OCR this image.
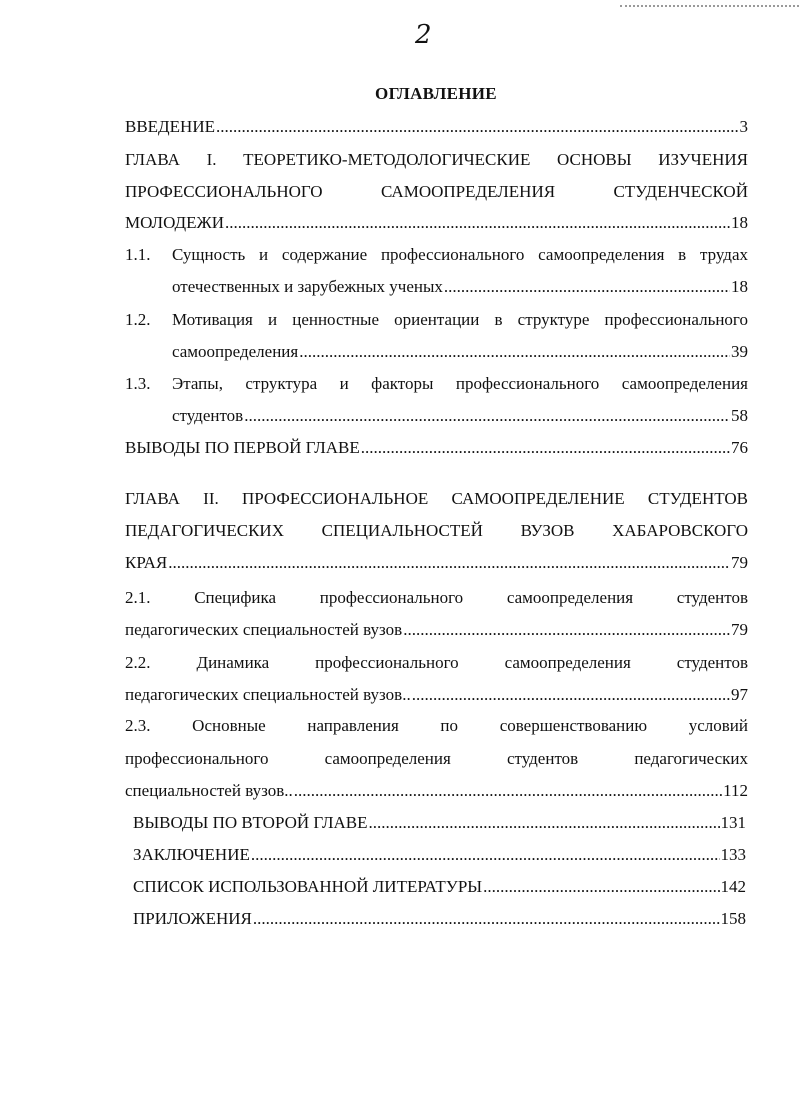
2
ОГЛАВЛЕНИЕ
ВВЕДЕНИЕ .....	3
ГЛАВА I. ТЕОРЕТИКО-МЕТОДОЛОГИЧЕСКИЕ ОСНОВЫ ИЗУЧЕНИЯ
ПРОФЕССИОНАЛЬНОГО САМООПРЕДЕЛЕНИЯ СТУДЕНЧЕСКОЙ
МОЛОДЕЖИ .....	18
1.1. Сущность и содержание профессионального самоопределения в трудах
отечественных и зарубежных ученых .....	18
1.2. Мотивация и ценностные ориентации в структуре профессионального
самоопределения .....	39
1.3. Этапы, структура и факторы профессионального самоопределения
студентов .....	58
ВЫВОДЫ ПО ПЕРВОЙ ГЛАВЕ .....	76
ГЛАВА II. ПРОФЕССИОНАЛЬНОЕ САМООПРЕДЕЛЕНИЕ СТУДЕНТОВ
ПЕДАГОГИЧЕСКИХ СПЕЦИАЛЬНОСТЕЙ ВУЗОВ ХАБАРОВСКОГО
КРАЯ .....	79
2.1. Специфика профессионального самоопределения студентов
педагогических специальностей вузов .....	79
2.2. Динамика профессионального самоопределения студентов
педагогических специальностей вузов.. .....	97
2.3. Основные направления по совершенствованию условий
профессионального самоопределения студентов педагогических
специальностей вузов.. .....	112
ВЫВОДЫ ПО ВТОРОЙ ГЛАВЕ .....	131
ЗАКЛЮЧЕНИЕ .....	133
СПИСОК ИСПОЛЬЗОВАННОЙ ЛИТЕРАТУРЫ .....	142
ПРИЛОЖЕНИЯ .....	158
